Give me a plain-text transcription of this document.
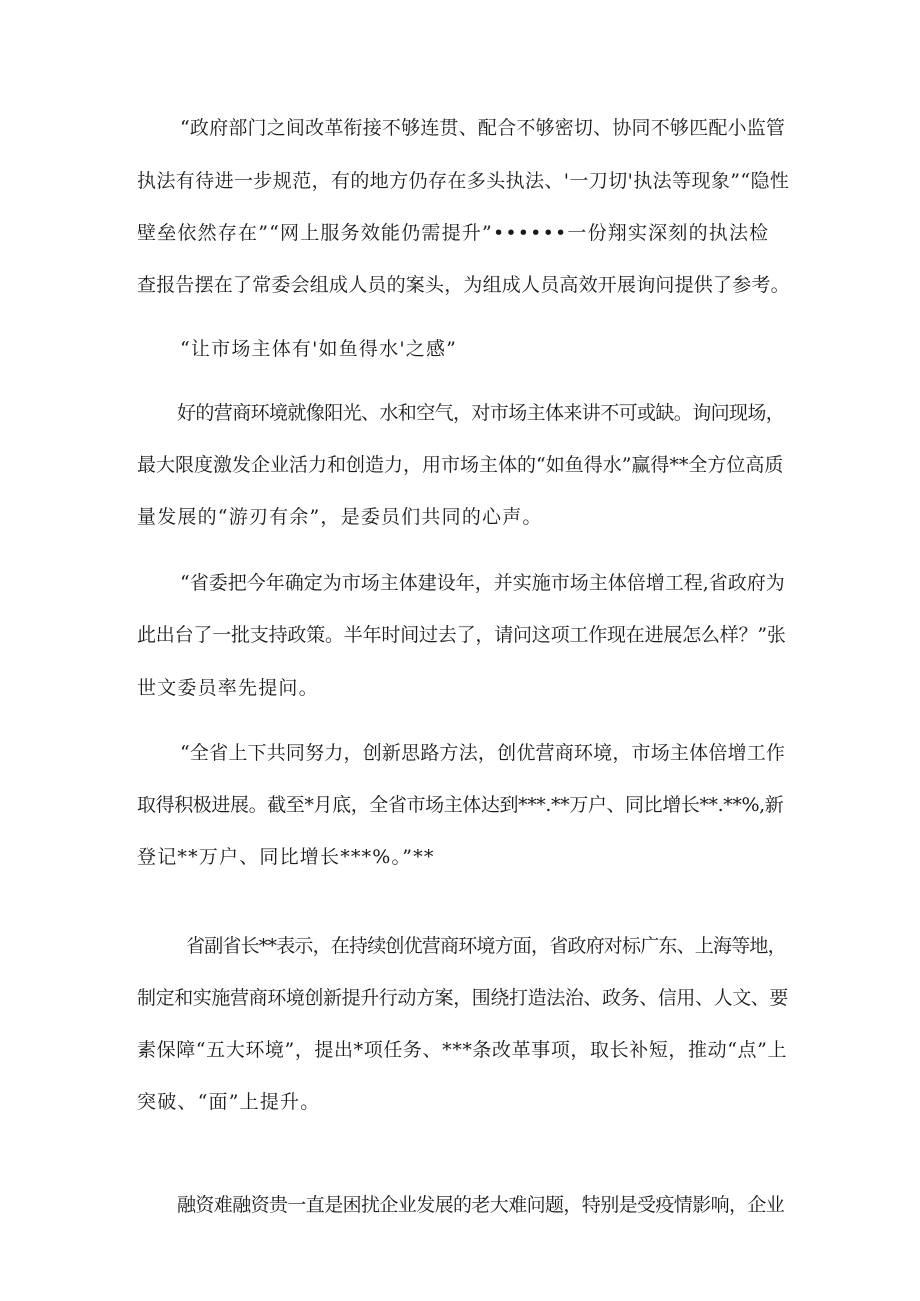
“政府部门之间改革衔接不够连贯、配合不够密切、协同不够匹配小监管
执法有待进一步规范，有的地方仍存在多头执法、'一刀切'执法等现象”“隐性
壁垒依然存在”“网上服务效能仍需提升”••••••一份翔实深刻的执法检
查报告摆在了常委会组成人员的案头，为组成人员高效开展询问提供了参考。
“让市场主体有'如鱼得水'之感”
好的营商环境就像阳光、水和空气，对市场主体来讲不可或缺。询问现场，
最大限度激发企业活力和创造力，用市场主体的“如鱼得水”赢得**全方位高质
量发展的“游刃有余”，是委员们共同的心声。
“省委把今年确定为市场主体建设年，并实施市场主体倍增工程,省政府为
此出台了一批支持政策。半年时间过去了，请问这项工作现在进展怎么样？”张
世文委员率先提问。
“全省上下共同努力，创新思路方法，创优营商环境，市场主体倍增工作
取得积极进展。截至*月底，全省市场主体达到***.**万户、同比增长**.**%,新
登记**万户、同比增长***%。”**
省副省长**表示，在持续创优营商环境方面，省政府对标广东、上海等地，
制定和实施营商环境创新提升行动方案，围绕打造法治、政务、信用、人文、要
素保障“五大环境”，提出*项任务、***条改革事项，取长补短，推动“点”上
突破、“面”上提升。
融资难融资贵一直是困扰企业发展的老大难问题，特别是受疫情影响，企业
